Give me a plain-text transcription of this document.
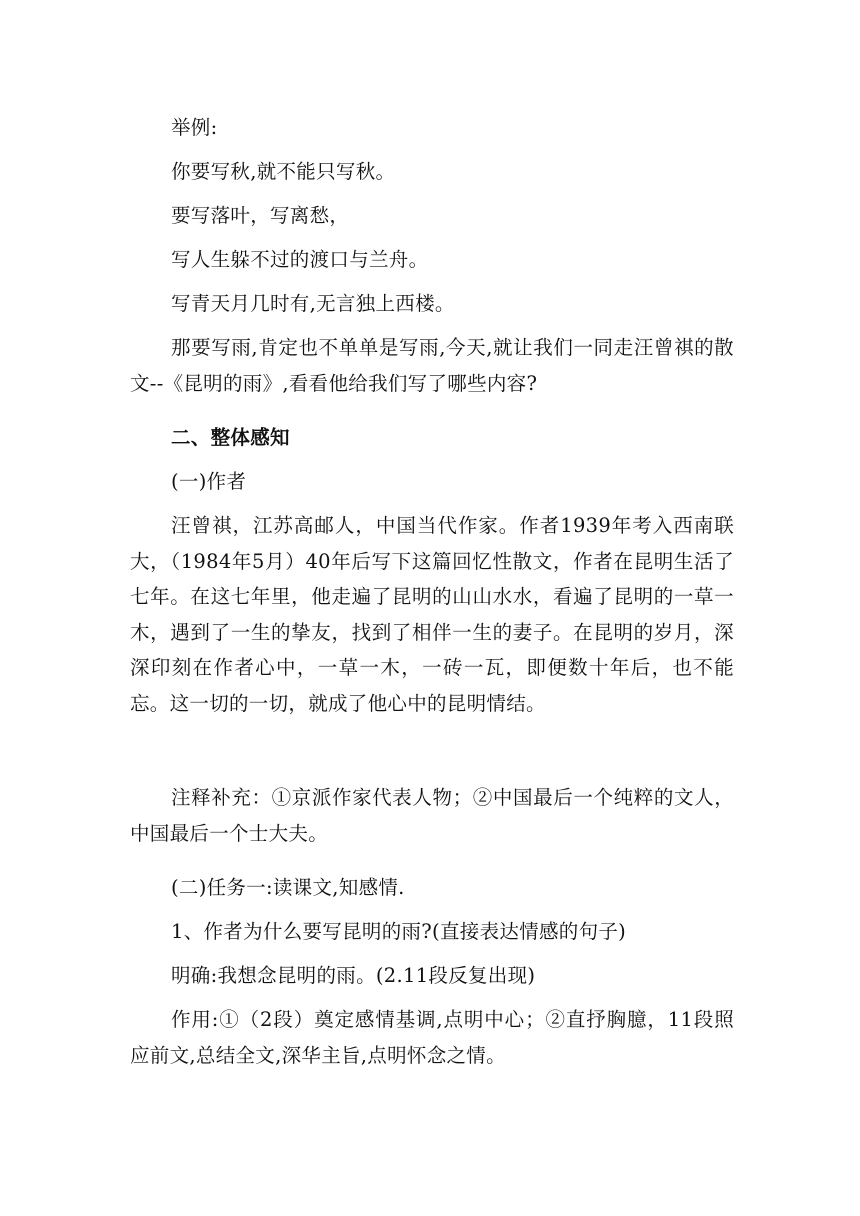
举例:

你要写秋,就不能只写秋。

要写落叶，写离愁，

写人生躲不过的渡口与兰舟。

写青天月几时有,无言独上西楼。

那要写雨,肯定也不单单是写雨,今天,就让我们一同走汪曾祺的散文--《昆明的雨》,看看他给我们写了哪些内容?

二、整体感知

(一)作者

汪曾祺，江苏高邮人，中国当代作家。作者1939年考入西南联大，（1984年5月）40年后写下这篇回忆性散文，作者在昆明生活了七年。在这七年里，他走遍了昆明的山山水水，看遍了昆明的一草一木，遇到了一生的挚友，找到了相伴一生的妻子。在昆明的岁月，深深印刻在作者心中，一草一木，一砖一瓦，即便数十年后，也不能忘。这一切的一切，就成了他心中的昆明情结。

注释补充：①京派作家代表人物；②中国最后一个纯粹的文人，中国最后一个士大夫。

(二)任务一:读课文,知感情.

1、作者为什么要写昆明的雨?(直接表达情感的句子)

明确:我想念昆明的雨。(2.11段反复出现)

作用:①（2段）奠定感情基调,点明中心；②直抒胸臆，11段照应前文,总结全文,深华主旨,点明怀念之情。
